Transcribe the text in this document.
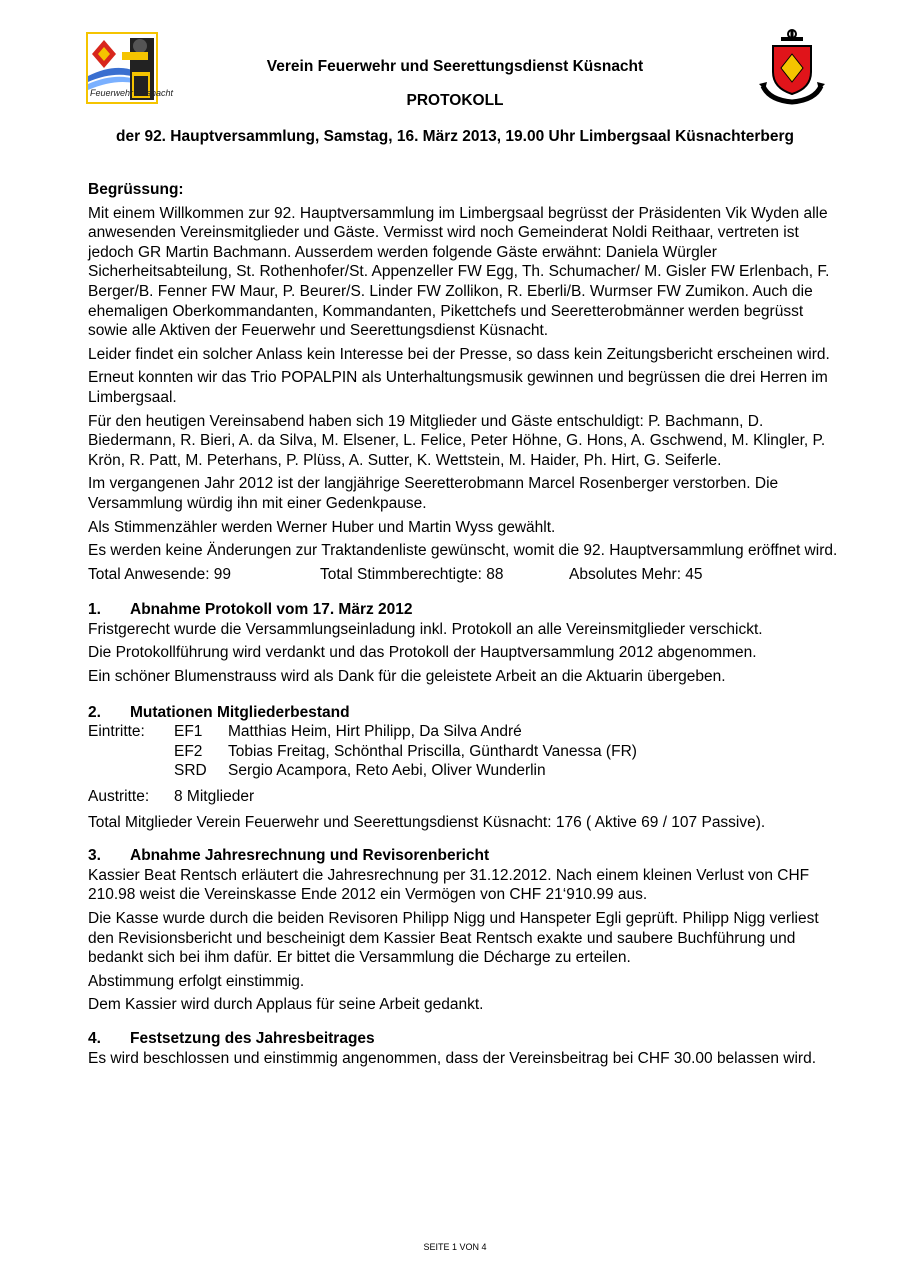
Feuerwehr Küsnacht
Verein Feuerwehr und Seerettungsdienst Küsnacht
PROTOKOLL
der 92. Hauptversammlung, Samstag, 16. März 2013, 19.00 Uhr Limbergsaal Küsnachterberg

Begrüssung:

Mit einem Willkommen zur 92. Hauptversammlung im Limbergsaal begrüsst der Präsidenten Vik Wyden alle anwesenden Vereinsmitglieder und Gäste. Vermisst wird noch Gemeinderat Noldi Reithaar, vertreten ist jedoch GR Martin Bachmann. Ausserdem werden folgende Gäste erwähnt: Daniela Würgler Sicherheitsabteilung, St. Rothenhofer/St. Appenzeller FW Egg, Th. Schumacher/ M. Gisler FW Erlenbach, F. Berger/B. Fenner FW Maur, P. Beurer/S. Linder FW Zollikon, R. Eberli/B. Wurmser FW Zumikon. Auch die ehemaligen Oberkommandanten, Kommandanten, Pikettchefs und Seeretterobmänner werden begrüsst sowie alle Aktiven der Feuerwehr und Seerettungsdienst Küsnacht.

Leider findet ein solcher Anlass kein Interesse bei der Presse, so dass kein Zeitungsbericht erscheinen wird.

Erneut konnten wir das Trio POPALPIN als Unterhaltungsmusik gewinnen und begrüssen die drei Herren im Limbergsaal.

Für den heutigen Vereinsabend haben sich 19 Mitglieder und Gäste entschuldigt: P. Bachmann, D. Biedermann, R. Bieri, A. da Silva, M. Elsener, L. Felice, Peter Höhne, G. Hons, A. Gschwend, M. Klingler, P. Krön, R. Patt, M. Peterhans, P. Plüss, A. Sutter, K. Wettstein, M. Haider, Ph. Hirt, G. Seiferle.

Im vergangenen Jahr 2012 ist der langjährige Seeretterobmann Marcel Rosenberger verstorben. Die Versammlung würdig ihn mit einer Gedenkpause.

Als Stimmenzähler werden Werner Huber und Martin Wyss gewählt.

Es werden keine Änderungen zur Traktandenliste gewünscht, womit die 92. Hauptversammlung eröffnet wird.

Total Anwesende: 99	Total Stimmberechtigte: 88	Absolutes Mehr: 45
1.	Abnahme Protokoll vom 17. März 2012

Fristgerecht wurde die Versammlungseinladung inkl. Protokoll an alle Vereinsmitglieder verschickt.

Die Protokollführung wird verdankt und das Protokoll der Hauptversammlung 2012 abgenommen.

Ein schöner Blumenstrauss wird als Dank für die geleistete Arbeit an die Aktuarin übergeben.

2.	Mutationen Mitgliederbestand
Eintritte:	EF1	Matthias Heim, Hirt Philipp, Da Silva André
EF2	Tobias Freitag, Schönthal Priscilla, Günthardt Vanessa (FR)
SRD	Sergio Acampora, Reto Aebi, Oliver Wunderlin
Austritte:	8 Mitglieder

Total Mitglieder Verein Feuerwehr und Seerettungsdienst Küsnacht: 176 ( Aktive 69 / 107 Passive).

3.	Abnahme Jahresrechnung und Revisorenbericht

Kassier Beat Rentsch erläutert die Jahresrechnung per 31.12.2012. Nach einem kleinen Verlust von CHF 210.98 weist die Vereinskasse Ende 2012 ein Vermögen von CHF 21‘910.99 aus.

Die Kasse wurde durch die beiden Revisoren Philipp Nigg und Hanspeter Egli geprüft. Philipp Nigg verliest den Revisionsbericht und bescheinigt dem Kassier Beat Rentsch exakte und saubere Buchführung und bedankt sich bei ihm dafür. Er bittet die Versammlung die Décharge zu erteilen.

Abstimmung erfolgt einstimmig.

Dem Kassier wird durch Applaus für seine Arbeit gedankt.

4.	Festsetzung des Jahresbeitrages

Es wird beschlossen und einstimmig angenommen, dass der Vereinsbeitrag bei CHF 30.00 belassen wird.

SEITE 1 VON 4
